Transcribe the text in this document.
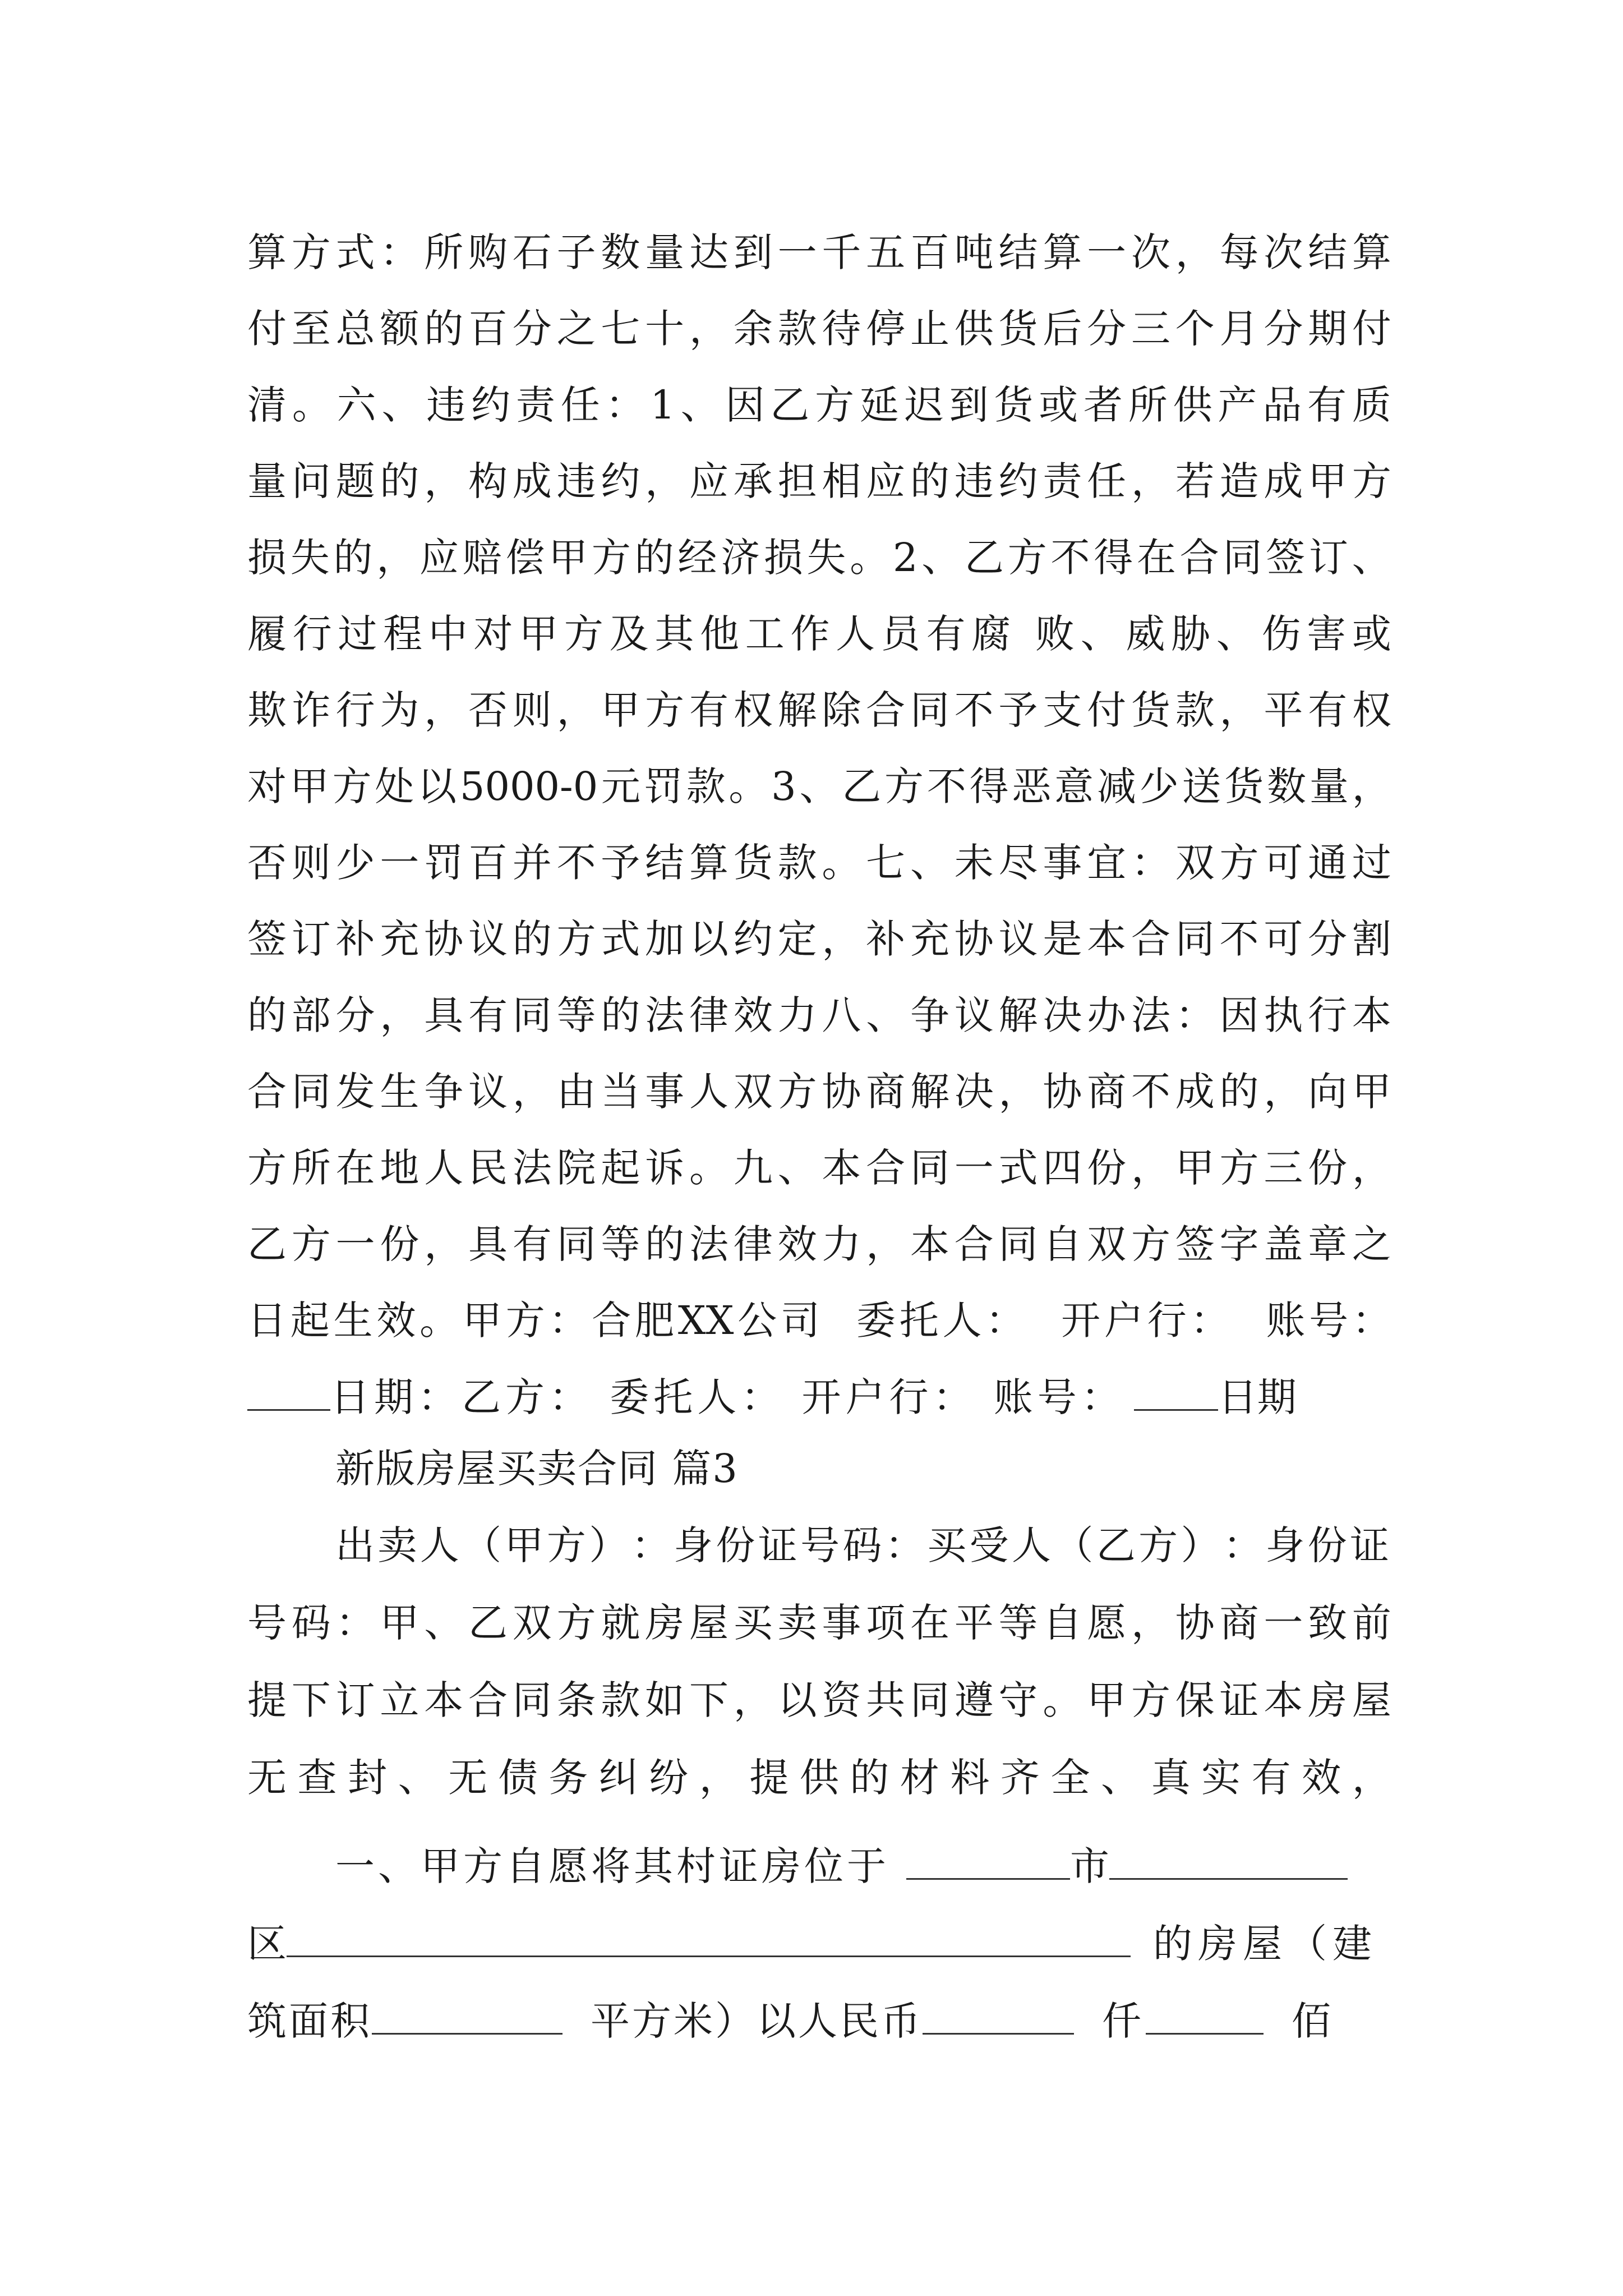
算 方 式 ： 所 购 石 子 数 量 达 到 一 千 五 百 吨 结 算 一 次 ， 每 次 结 算
付 至 总 额 的 百 分 之 七 十 ， 余 款 待 停 止 供 货 后 分 三 个 月 分 期 付
清 。 六 、 违 约 责 任 ： 1 、 因 乙 方 延 迟 到 货 或 者 所 供 产 品 有 质
量 问 题 的 ， 构 成 违 约 ， 应 承 担 相 应 的 违 约 责 任 ， 若 造 成 甲 方
损 失 的 ， 应 赔 偿 甲 方 的 经 济 损 失 。 2 、 乙 方 不 得 在 合 同 签 订 、
履 行 过 程 中 对 甲 方 及 其 他 工 作 人 员 有 腐
败 、 威 胁 、 伤 害 或
欺 诈 行 为 ， 否 则 ， 甲 方 有 权 解 除 合 同 不 予 支 付 货 款 ， 平 有 权
对 甲 方 处 以 5000-0 元 罚 款 。 3 、 乙 方 不 得 恶 意 减 少 送 货 数 量 ，
否 则 少 一 罚 百 并 不 予 结 算 货 款 。 七 、 未 尽 事 宜 ： 双 方 可 通 过
签 订 补 充 协 议 的 方 式 加 以 约 定 ， 补 充 协 议 是 本 合 同 不 可 分 割
的 部 分 ， 具 有 同 等 的 法 律 效 力 八 、 争 议 解 决 办 法 ： 因 执 行 本
合 同 发 生 争 议 ， 由 当 事 人 双 方 协 商 解 决 ， 协 商 不 成 的 ， 向 甲
方 所 在 地 人 民 法 院 起 诉 。 九 、 本 合 同 一 式 四 份 ， 甲 方 三 份 ，
乙 方 一 份 ， 具 有 同 等 的 法 律 效 力 ， 本 合 同 自 双 方 签 字 盖 章 之
日 起 生 效 。 甲 方 ： 合 肥 XX 公 司

委 托 人 ：

开 户 行 ：

账 号 ：
日期：乙方： 委托人： 开户行： 账号： 日期
新版房屋买卖合同 篇3
出 卖 人 （ 甲 方 ） ： 身 份 证 号 码 ： 买 受 人 （ 乙 方 ） ： 身 份 证
号 码 ： 甲 、 乙 双 方 就 房 屋 买 卖 事 项 在 平 等 自 愿 ， 协 商 一 致 前
提 下 订 立 本 合 同 条 款 如 下 ， 以 资 共 同 遵 守 。 甲 方 保 证 本 房 屋
无 查 封 、 无 债 务 纠 纷 ， 提 供 的 材 料 齐 全 、 真 实 有 效 ，
一、甲方自愿将其村证房位于	市
区	的房屋（建
筑面积	平方米）以人民币	仟	佰
